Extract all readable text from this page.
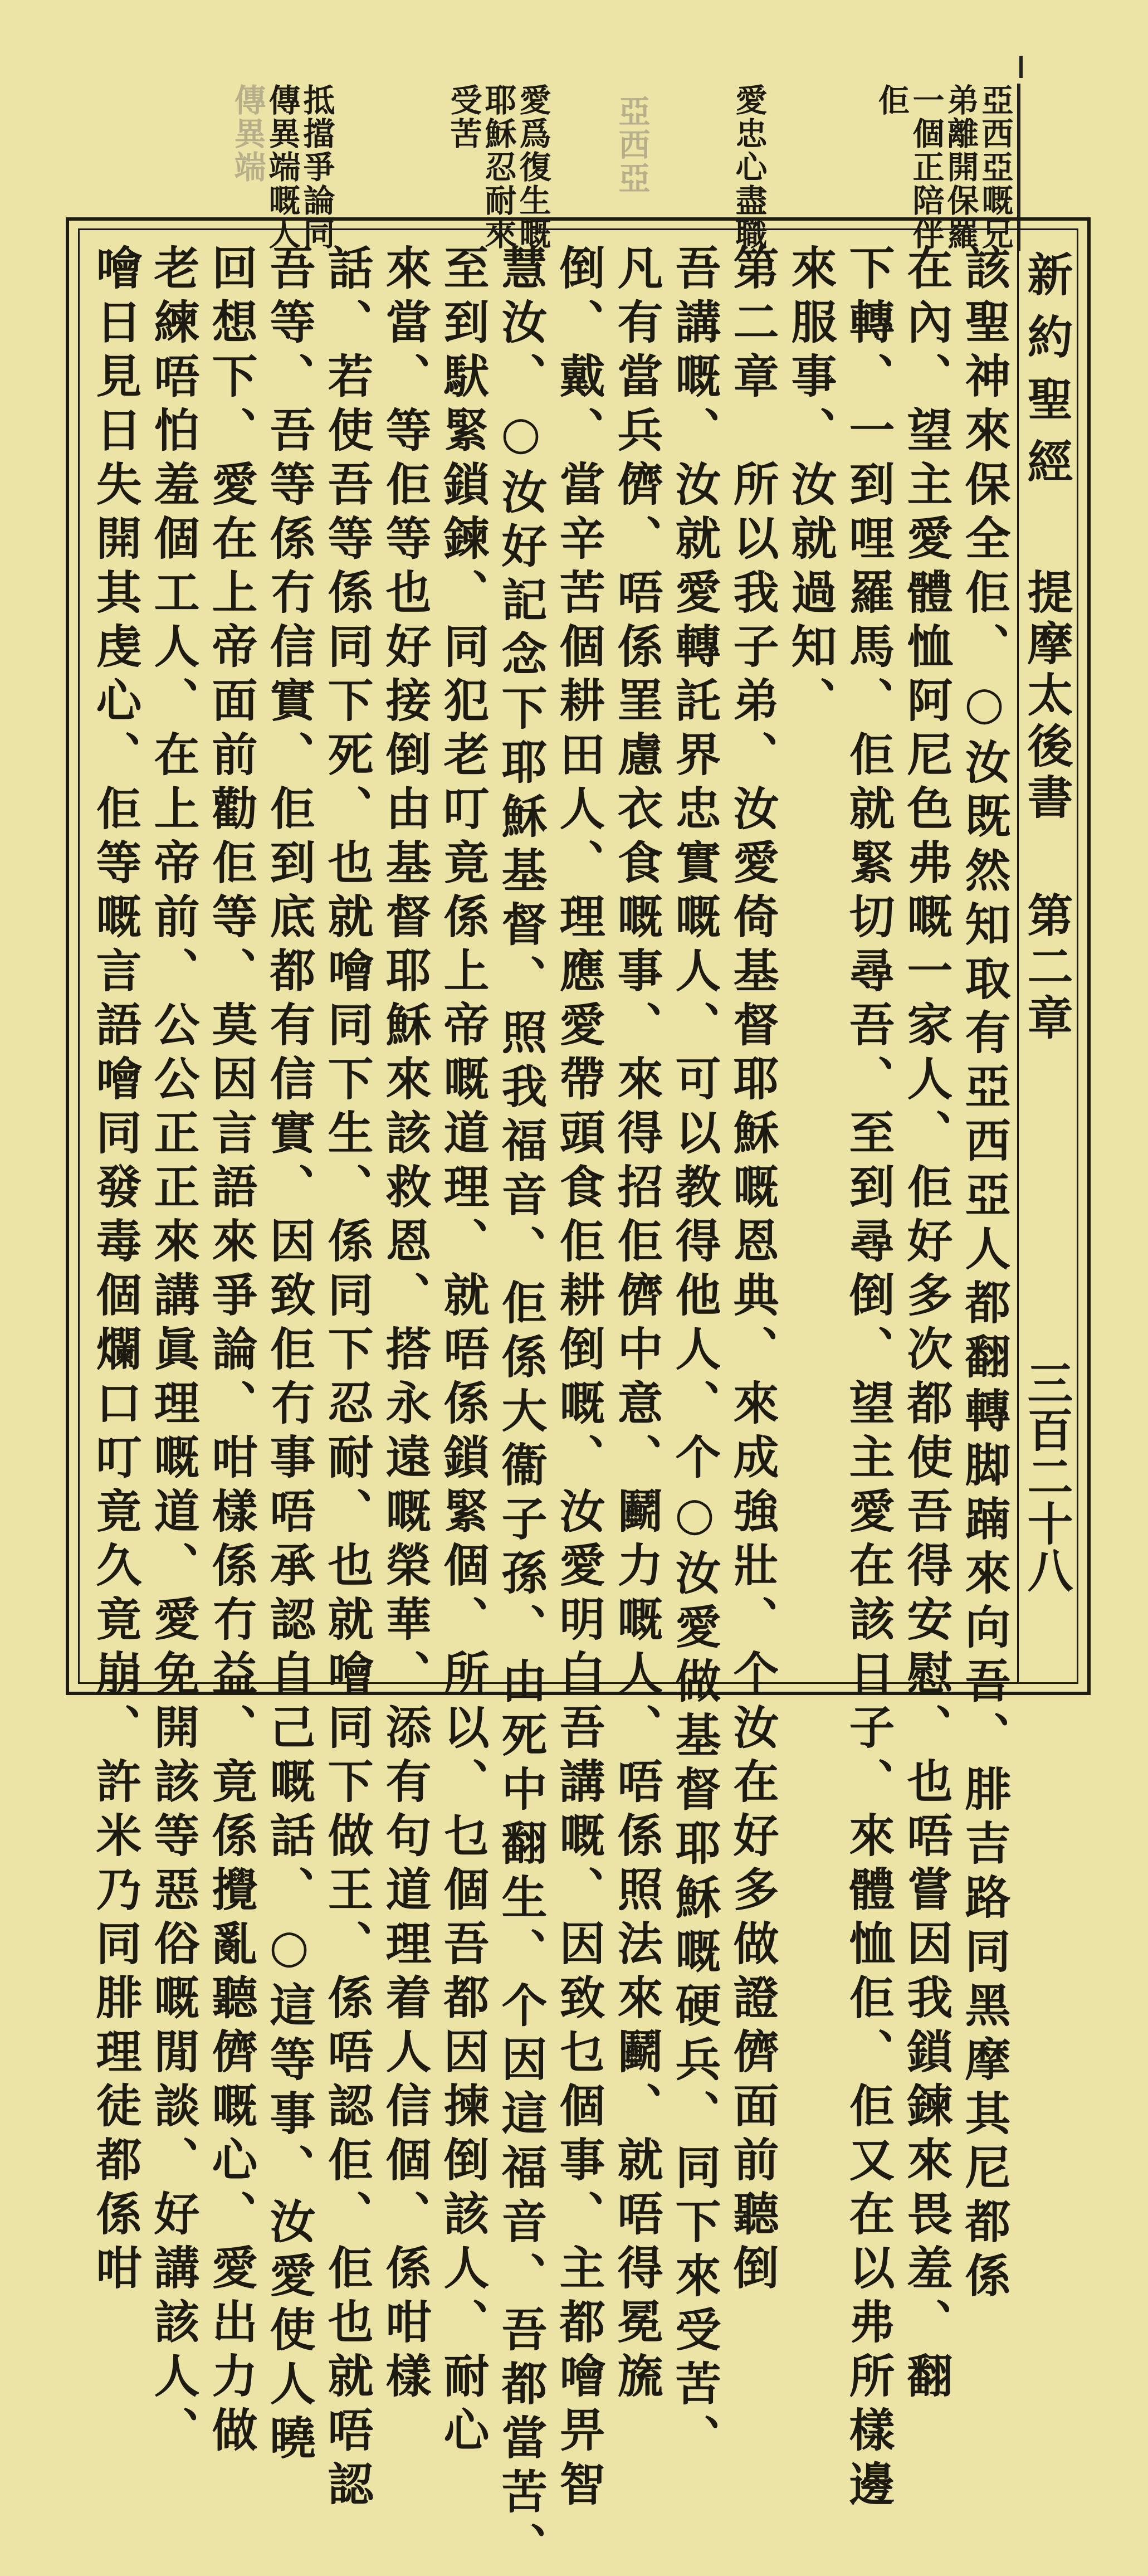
亞西亞嘅兄
弟離開保羅
一個正陪伴
佢
愛忠心盡職
亞西亞
愛爲復生嘅
耶穌忍耐來
受苦
抵擋爭論同
傳異端嘅人
傳異端
新約聖經
提摩太後書
第二章
三百二十八
該聖神來保全佢、○汝既然知取有亞西亞人都翻轉脚𨂾來向吾、腓吉路同黑摩其尼都係
在內、望主愛體恤阿尼色弗嘅一家人、佢好多次都使吾得安慰、也唔嘗因我鎖鍊來畏羞、翻
下轉、一到哩羅馬、佢就緊切尋吾、至到尋倒、望主愛在該日子、來體恤佢、佢又在以弗所樣邊
來服事、汝就過知、
第二章　所以我子弟、汝愛倚基督耶穌嘅恩典、來成強壯、个汝在好多做證儕面前聽倒
吾講嘅、汝就愛轉託界忠實嘅人、可以教得他人、个○汝愛做基督耶穌嘅硬兵、同下來受苦、
凡有當兵儕、唔係罣慮衣食嘅事、來得招佢儕中意、鬬力嘅人、唔係照法來鬬、就唔得冕旒
倒、戴、當辛苦個耕田人、理應愛帶頭食佢耕倒嘅、汝愛明白吾講嘅、因致乜個事、主都噲畀智
慧汝、○汝好記念下耶穌基督、照我福音、佢係大衞子孫、由死中翻生、个因這福音、吾都當苦、
至到䭾緊鎖鍊、同犯老叮竟係上帝嘅道理、就唔係鎖緊個、所以、乜個吾都因揀倒該人、耐心
來當、等佢等也好接倒由基督耶穌來該救恩、搭永遠嘅榮華、添有句道理着人信個、係咁樣
話、若使吾等係同下死、也就噲同下生、係同下忍耐、也就噲同下做王、係唔認佢、佢也就唔認
吾等、吾等係冇信實、佢到底都有信實、因致佢冇事唔承認自己嘅話、○這等事、汝愛使人曉
回想下、愛在上帝面前勸佢等、莫因言語來爭論、咁樣係冇益、竟係攪亂聽儕嘅心、愛出力做
老練唔怕羞個工人、在上帝前、公公正正來講眞理嘅道、愛免開該等惡俗嘅閒談、好講該人、
噲日見日失開其虔心、佢等嘅言語噲同發毒個爛口叮竟久竟崩、許米乃同腓理徒都係咁
